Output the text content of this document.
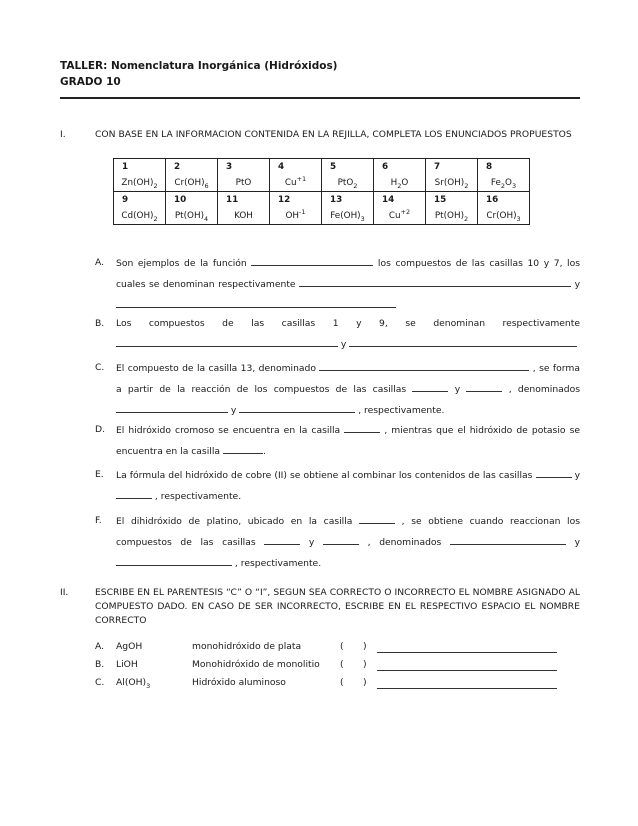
TALLER: Nomenclatura Inorgánica (Hidróxidos)
GRADO 10
I.	CON BASE EN LA INFORMACION CONTENIDA EN LA REJILLA, COMPLETA LOS ENUNCIADOS PROPUESTOS
1	2	3	4	5	6	7	8
$Zn(OH)_2$	$Cr(OH)_6$	PtO	$Cu^{+1}$	PtO$_2$	$H_2O$	$Sr(OH)_2$	$Fe_2O_3$
9	10	11	12	13	14	15	16
$Cd(OH)_2$	$Pt(OH)_4$	KOH	$OH^{-1}$	$Fe(OH)_3$	$Cu^{+2}$	$Pt(OH)_2$	$Cr(OH)_3$
A. Son ejemplos de la función	los compuestos de las casillas 10 y 7, los cuales se denominan respectivamente	y
B. Los compuestos de las casillas 1 y 9, se denominan respectivamente  y
C. El compuesto de la casilla 13, denominado	, se forma a partir de la reacción de los compuestos de las casillas	y	, denominados  y	, respectivamente.
D. El hidróxido cromoso se encuentra en la casilla	, mientras que el hidróxido de potasio se encuentra en la casilla	.
E. La fórmula del hidróxido de cobre (II) se obtiene al combinar los contenidos de las casillas	y  , respectivamente.
F. El dihidróxido de platino, ubicado en la casilla	, se obtiene cuando reaccionan los compuestos de las casillas	y	, denominados	y  , respectivamente.
II.	ESCRIBE EN EL PARENTESIS “C” O “I”, SEGUN SEA CORRECTO O INCORRECTO EL NOMBRE ASIGNADO AL COMPUESTO DADO. EN CASO DE SER INCORRECTO, ESCRIBE EN EL RESPECTIVO ESPACIO EL NOMBRE CORRECTO
A. AgOH	monohidróxido de plata	( )
B. LiOH	Monohidróxido de monolitio ( )
C. $Al(OH)_3$	Hidróxido aluminoso	( )
